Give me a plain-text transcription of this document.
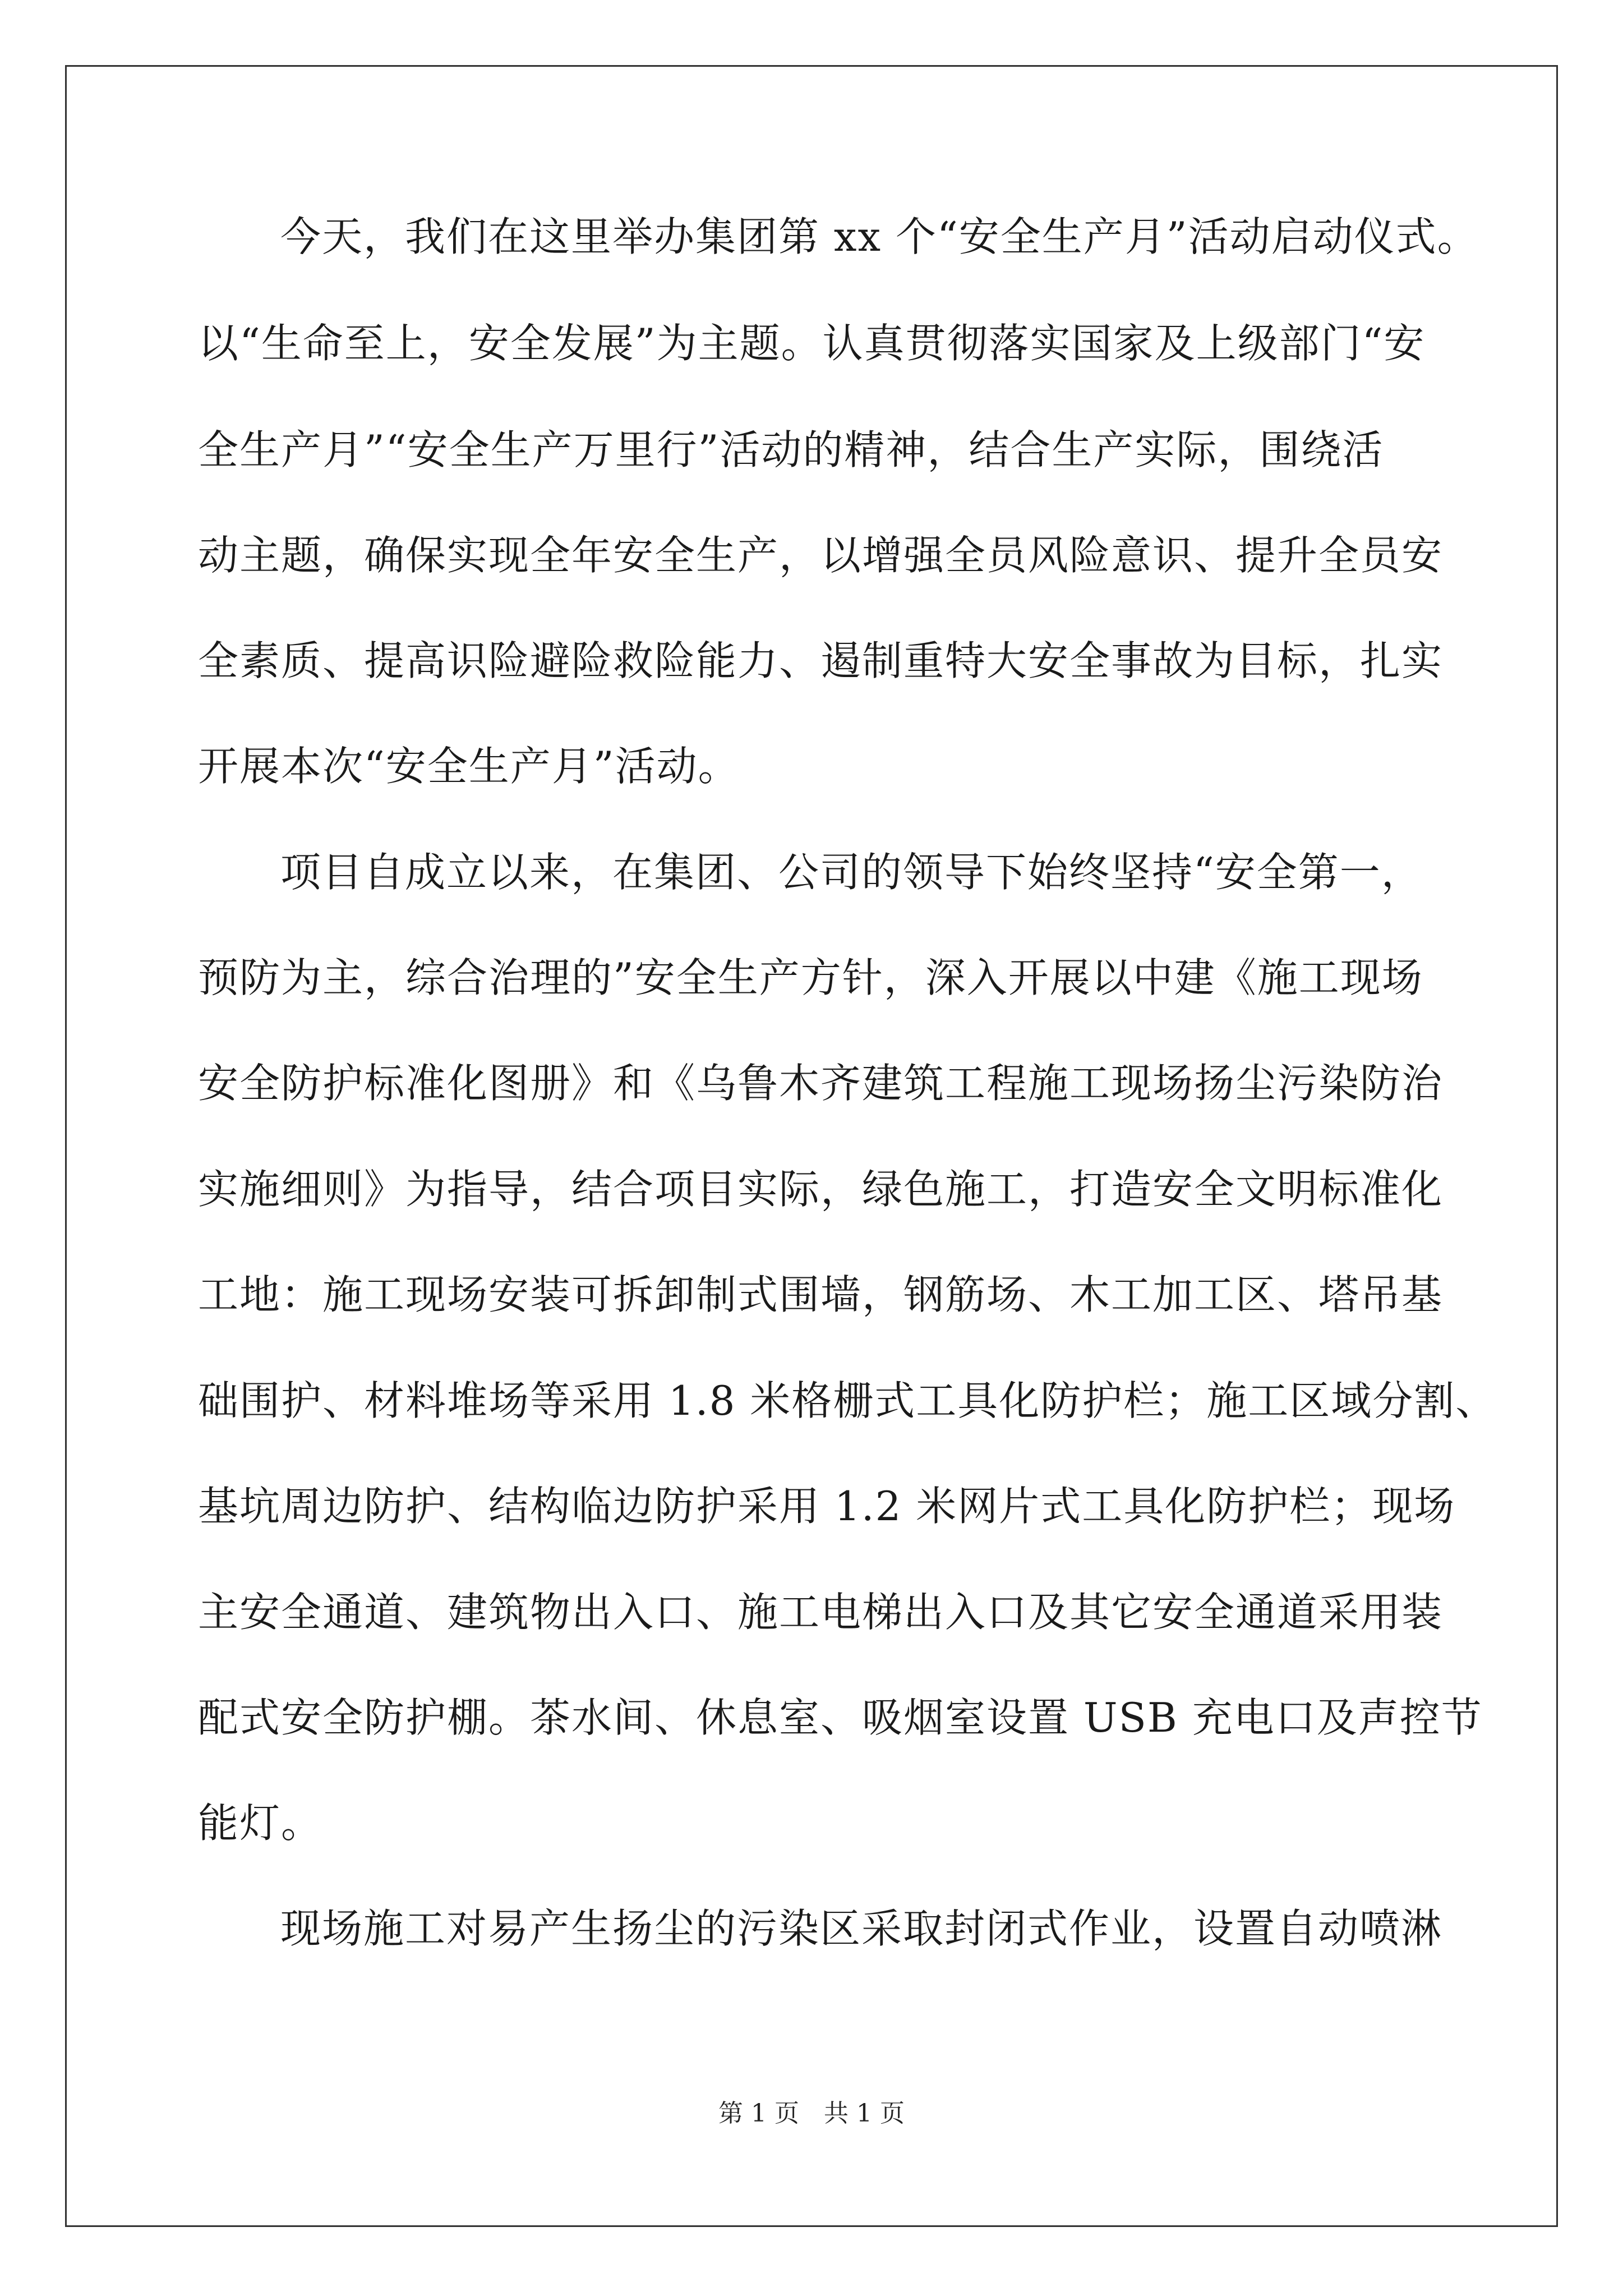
今天，我们在这里举办集团第 xx 个“安全生产月”活动启动仪式。
以“生命至上，安全发展”为主题。认真贯彻落实国家及上级部门“安
全生产月”“安全生产万里行”活动的精神，结合生产实际，围绕活
动主题，确保实现全年安全生产，以增强全员风险意识、提升全员安
全素质、提高识险避险救险能力、遏制重特大安全事故为目标，扎实
开展本次“安全生产月”活动。
项目自成立以来，在集团、公司的领导下始终坚持“安全第一，
预防为主，综合治理的”安全生产方针，深入开展以中建《施工现场
安全防护标准化图册》和《乌鲁木齐建筑工程施工现场扬尘污染防治
实施细则》为指导，结合项目实际，绿色施工，打造安全文明标准化
工地：施工现场安装可拆卸制式围墙，钢筋场、木工加工区、塔吊基
础围护、材料堆场等采用 1.8 米格栅式工具化防护栏；施工区域分割、
基坑周边防护、结构临边防护采用 1.2 米网片式工具化防护栏；现场
主安全通道、建筑物出入口、施工电梯出入口及其它安全通道采用装
配式安全防护棚。茶水间、休息室、吸烟室设置 USB 充电口及声控节
能灯。
现场施工对易产生扬尘的污染区采取封闭式作业，设置自动喷淋
第 1 页　共 1 页
